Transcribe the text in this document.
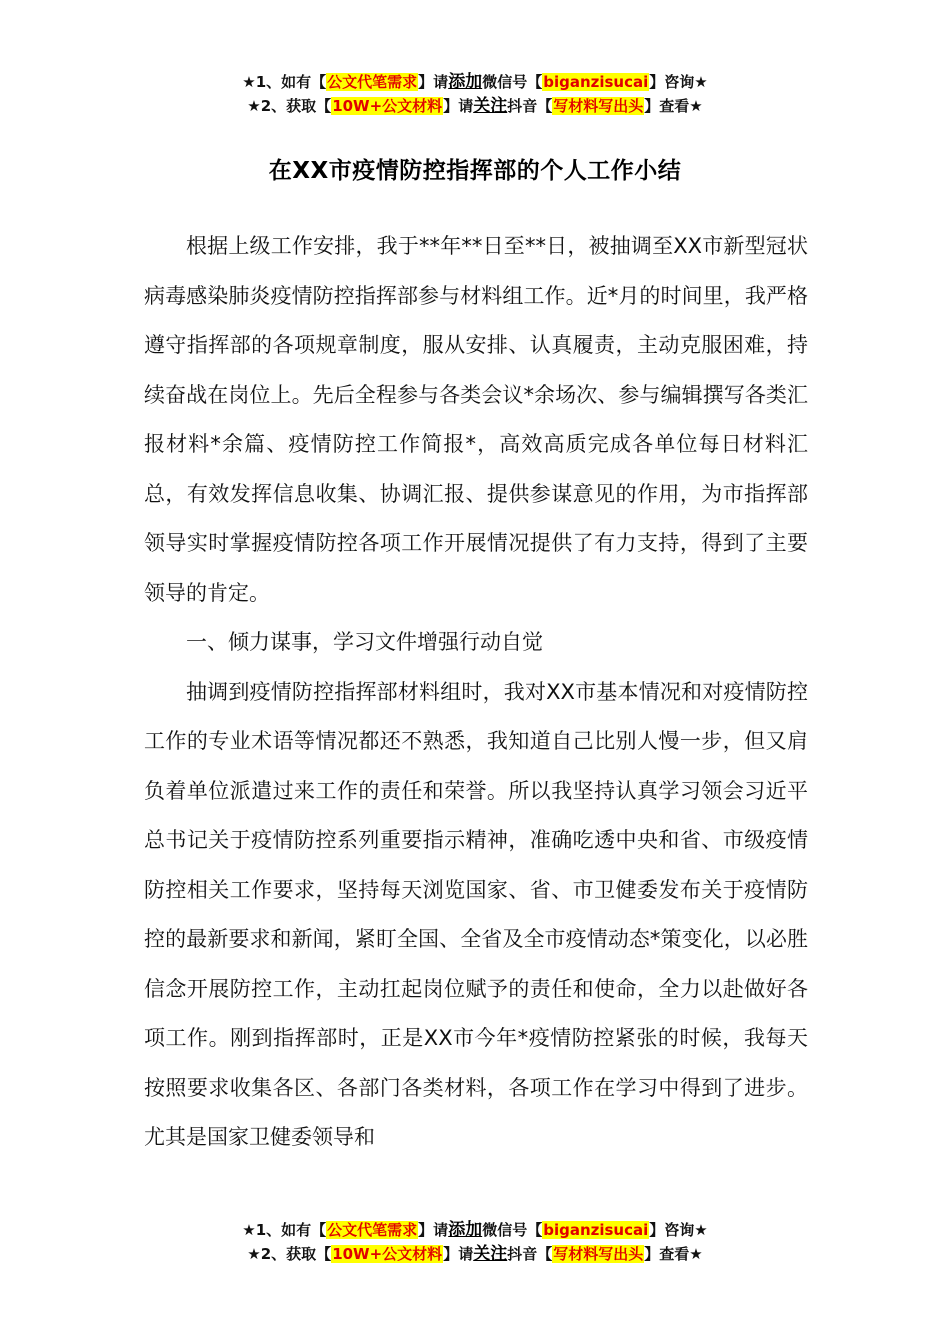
★1、如有【公文代笔需求】请添加微信号【biganzisucai】咨询★
★2、获取【10W+公文材料】请关注抖音【写材料写出头】查看★
在XX市疫情防控指挥部的个人工作小结

根据上级工作安排，我于**年**日至**日，被抽调至XX市新型冠状病毒感染肺炎疫情防控指挥部参与材料组工作。近*月的时间里，我严格遵守指挥部的各项规章制度，服从安排、认真履责，主动克服困难，持续奋战在岗位上。先后全程参与各类会议*余场次、参与编辑撰写各类汇报材料*余篇、疫情防控工作简报*，高效高质完成各单位每日材料汇总，有效发挥信息收集、协调汇报、提供参谋意见的作用，为市指挥部领导实时掌握疫情防控各项工作开展情况提供了有力支持，得到了主要领导的肯定。

一、倾力谋事，学习文件增强行动自觉

抽调到疫情防控指挥部材料组时，我对XX市基本情况和对疫情防控工作的专业术语等情况都还不熟悉，我知道自己比别人慢一步，但又肩负着单位派遣过来工作的责任和荣誉。所以我坚持认真学习领会习近平总书记关于疫情防控系列重要指示精神，准确吃透中央和省、市级疫情防控相关工作要求，坚持每天浏览国家、省、市卫健委发布关于疫情防控的最新要求和新闻，紧盯全国、全省及全市疫情动态*策变化，以必胜信念开展防控工作，主动扛起岗位赋予的责任和使命，全力以赴做好各项工作。刚到指挥部时，正是XX市今年*疫情防控紧张的时候，我每天按照要求收集各区、各部门各类材料，各项工作在学习中得到了进步。尤其是国家卫健委领导和

★1、如有【公文代笔需求】请添加微信号【biganzisucai】咨询★
★2、获取【10W+公文材料】请关注抖音【写材料写出头】查看★
